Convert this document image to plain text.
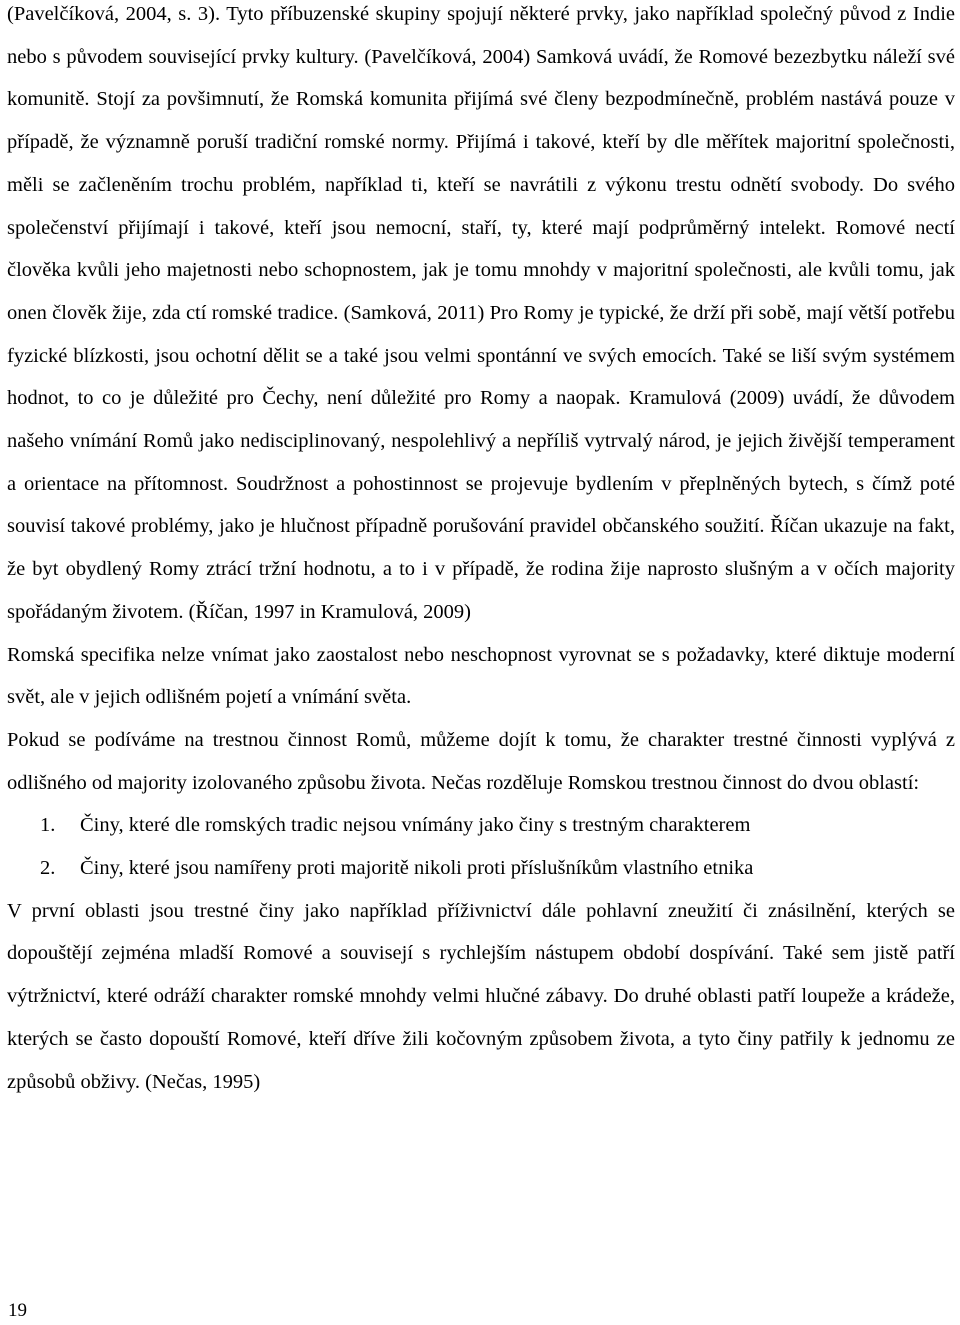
(Pavelčíková, 2004, s. 3). Tyto příbuzenské skupiny spojují některé prvky, jako například společný původ z Indie nebo s původem související prvky kultury. (Pavelčíková, 2004) Samková uvádí, že Romové bezezbytku náleží své komunitě. Stojí za povšimnutí, že Romská komunita přijímá své členy bezpodmínečně, problém nastává pouze v případě, že významně poruší tradiční romské normy. Přijímá i takové, kteří by dle měřítek majoritní společnosti, měli se začleněním trochu problém, například ti, kteří se navrátili z výkonu trestu odnětí svobody. Do svého společenství přijímají i takové, kteří jsou nemocní, staří, ty, které mají podprůměrný intelekt. Romové nectí člověka kvůli jeho majetnosti nebo schopnostem, jak je tomu mnohdy v majoritní společnosti, ale kvůli tomu, jak onen člověk žije, zda ctí romské tradice. (Samková, 2011) Pro Romy je typické, že drží při sobě, mají větší potřebu fyzické blízkosti, jsou ochotní dělit se a také jsou velmi spontánní ve svých emocích. Také se liší svým systémem hodnot, to co je důležité pro Čechy, není důležité pro Romy a naopak. Kramulová (2009) uvádí, že důvodem našeho vnímání Romů jako nedisciplinovaný, nespolehlivý a nepříliš vytrvalý národ, je jejich živější temperament a orientace na přítomnost. Soudržnost a pohostinnost se projevuje bydlením v přeplněných bytech, s čímž poté souvisí takové problémy, jako je hlučnost případně porušování pravidel občanského soužití. Říčan ukazuje na fakt, že byt obydlený Romy ztrácí tržní hodnotu, a to i v případě, že rodina žije naprosto slušným a v očích majority spořádaným životem. (Říčan, 1997 in Kramulová, 2009)

Romská specifika nelze vnímat jako zaostalost nebo neschopnost vyrovnat se s požadavky, které diktuje moderní svět, ale v jejich odlišném pojetí a vnímání světa.

Pokud se podíváme na trestnou činnost Romů, můžeme dojít k tomu, že charakter trestné činnosti vyplývá z odlišného od majority izolovaného způsobu života. Nečas rozděluje Romskou trestnou činnost do dvou oblastí:

1. Činy, které dle romských tradic nejsou vnímány jako činy s trestným charakterem
2. Činy, které jsou namířeny proti majoritě nikoli proti příslušníkům vlastního etnika

V první oblasti jsou trestné činy jako například příživnictví dále pohlavní zneužití či znásilnění, kterých se dopouštějí zejména mladší Romové a souvisejí s rychlejším nástupem období dospívání. Také sem jistě patří výtržnictví, které odráží charakter romské mnohdy velmi hlučné zábavy. Do druhé oblasti patří loupeže a krádeže, kterých se často dopouští Romové, kteří dříve žili kočovným způsobem života, a tyto činy patřily k jednomu ze způsobů obživy. (Nečas, 1995)

19
